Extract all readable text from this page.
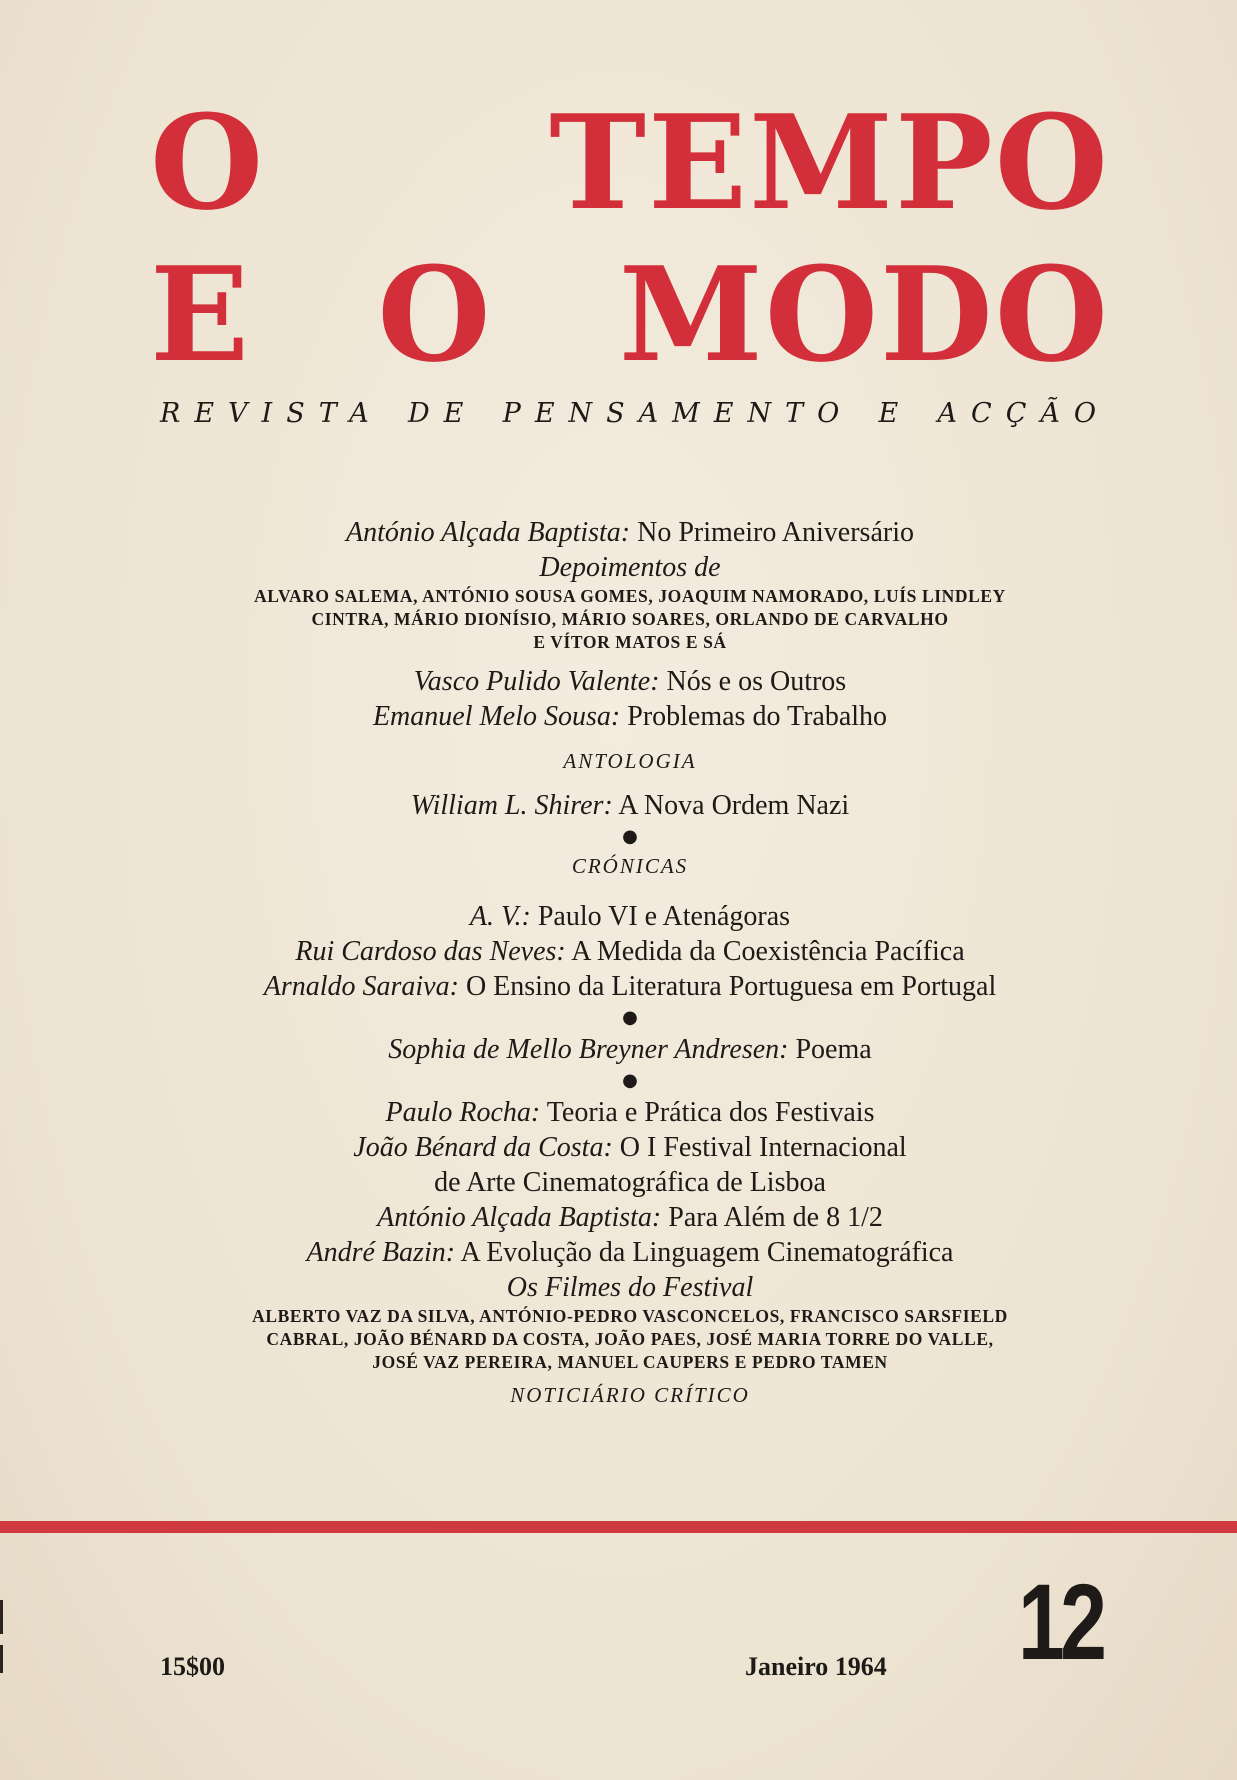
O TEMPO
E O MODO
REVISTA DE PENSAMENTO E ACÇÃO
António Alçada Baptista: No Primeiro Aniversário
Depoimentos de
ALVARO SALEMA, ANTÓNIO SOUSA GOMES, JOAQUIM NAMORADO, LUÍS LINDLEY
CINTRA, MÁRIO DIONÍSIO, MÁRIO SOARES, ORLANDO DE CARVALHO
E VÍTOR MATOS E SÁ
Vasco Pulido Valente: Nós e os Outros
Emanuel Melo Sousa: Problemas do Trabalho
ANTOLOGIA
William L. Shirer: A Nova Ordem Nazi
●
CRÓNICAS
A. V.: Paulo VI e Atenágoras
Rui Cardoso das Neves: A Medida da Coexistência Pacífica
Arnaldo Saraiva: O Ensino da Literatura Portuguesa em Portugal
●
Sophia de Mello Breyner Andresen: Poema
●
Paulo Rocha: Teoria e Prática dos Festivais
João Bénard da Costa: O I Festival Internacional
de Arte Cinematográfica de Lisboa
António Alçada Baptista: Para Além de 8 1/2
André Bazin: A Evolução da Linguagem Cinematográfica
Os Filmes do Festival
ALBERTO VAZ DA SILVA, ANTÓNIO-PEDRO VASCONCELOS, FRANCISCO SARSFIELD
CABRAL, JOÃO BÉNARD DA COSTA, JOÃO PAES, JOSÉ MARIA TORRE DO VALLE,
JOSÉ VAZ PEREIRA, MANUEL CAUPERS E PEDRO TAMEN
NOTICIÁRIO CRÍTICO
15$00	Janeiro 1964 12
